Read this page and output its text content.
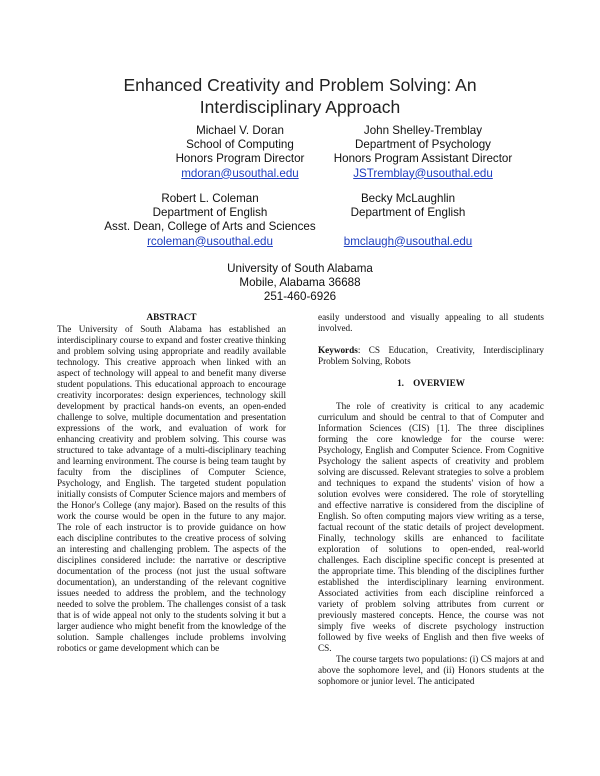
Enhanced Creativity and Problem Solving: An
Interdisciplinary Approach
Michael V. Doran
School of Computing
Honors Program Director
mdoran@usouthal.edu
John Shelley-Tremblay
Department of Psychology
Honors Program Assistant Director
JSTremblay@usouthal.edu
Robert L. Coleman
Department of English
Asst. Dean, College of Arts and Sciences
rcoleman@usouthal.edu
Becky McLaughlin
Department of English
bmclaugh@usouthal.edu
University of South Alabama
Mobile, Alabama 36688
251-460-6926
ABSTRACT

The University of South Alabama has established an interdisciplinary course to expand and foster creative thinking and problem solving using appropriate and readily available technology. This creative approach when linked with an aspect of technology will appeal to and benefit many diverse student populations. This educational approach to encourage creativity incorporates: design experiences, technology skill development by practical hands-on events, an open-ended challenge to solve, multiple documentation and presentation expressions of the work, and evaluation of work for enhancing creativity and problem solving. This course was structured to take advantage of a multi-disciplinary teaching and learning environment. The course is being team taught by faculty from the disciplines of Computer Science, Psychology, and English. The targeted student population initially consists of Computer Science majors and members of the Honor's College (any major). Based on the results of this work the course would be open in the future to any major. The role of each instructor is to provide guidance on how each discipline contributes to the creative process of solving an interesting and challenging problem. The aspects of the disciplines considered include: the narrative or descriptive documentation of the process (not just the usual software documentation), an understanding of the relevant cognitive issues needed to address the problem, and the technology needed to solve the problem. The challenges consist of a task that is of wide appeal not only to the students solving it but a larger audience who might benefit from the knowledge of the solution. Sample challenges include problems involving robotics or game development which can be

easily understood and visually appealing to all students involved.

Keywords: CS Education, Creativity, Interdisciplinary Problem Solving, Robots

1.    OVERVIEW

The role of creativity is critical to any academic curriculum and should be central to that of Computer and Information Sciences (CIS) [1]. The three disciplines forming the core knowledge for the course were: Psychology, English and Computer Science. From Cognitive Psychology the salient aspects of creativity and problem solving are discussed. Relevant strategies to solve a problem and techniques to expand the students' vision of how a solution evolves were considered. The role of storytelling and effective narrative is considered from the discipline of English. So often computing majors view writing as a terse, factual recount of the static details of project development. Finally, technology skills are enhanced to facilitate exploration of solutions to open-ended, real-world challenges. Each discipline specific concept is presented at the appropriate time. This blending of the disciplines further established the interdisciplinary learning environment. Associated activities from each discipline reinforced a variety of problem solving attributes from current or previously mastered concepts. Hence, the course was not simply five weeks of discrete psychology instruction followed by five weeks of English and then five weeks of CS.

The course targets two populations: (i) CS majors at and above the sophomore level, and (ii) Honors students at the sophomore or junior level. The anticipated
